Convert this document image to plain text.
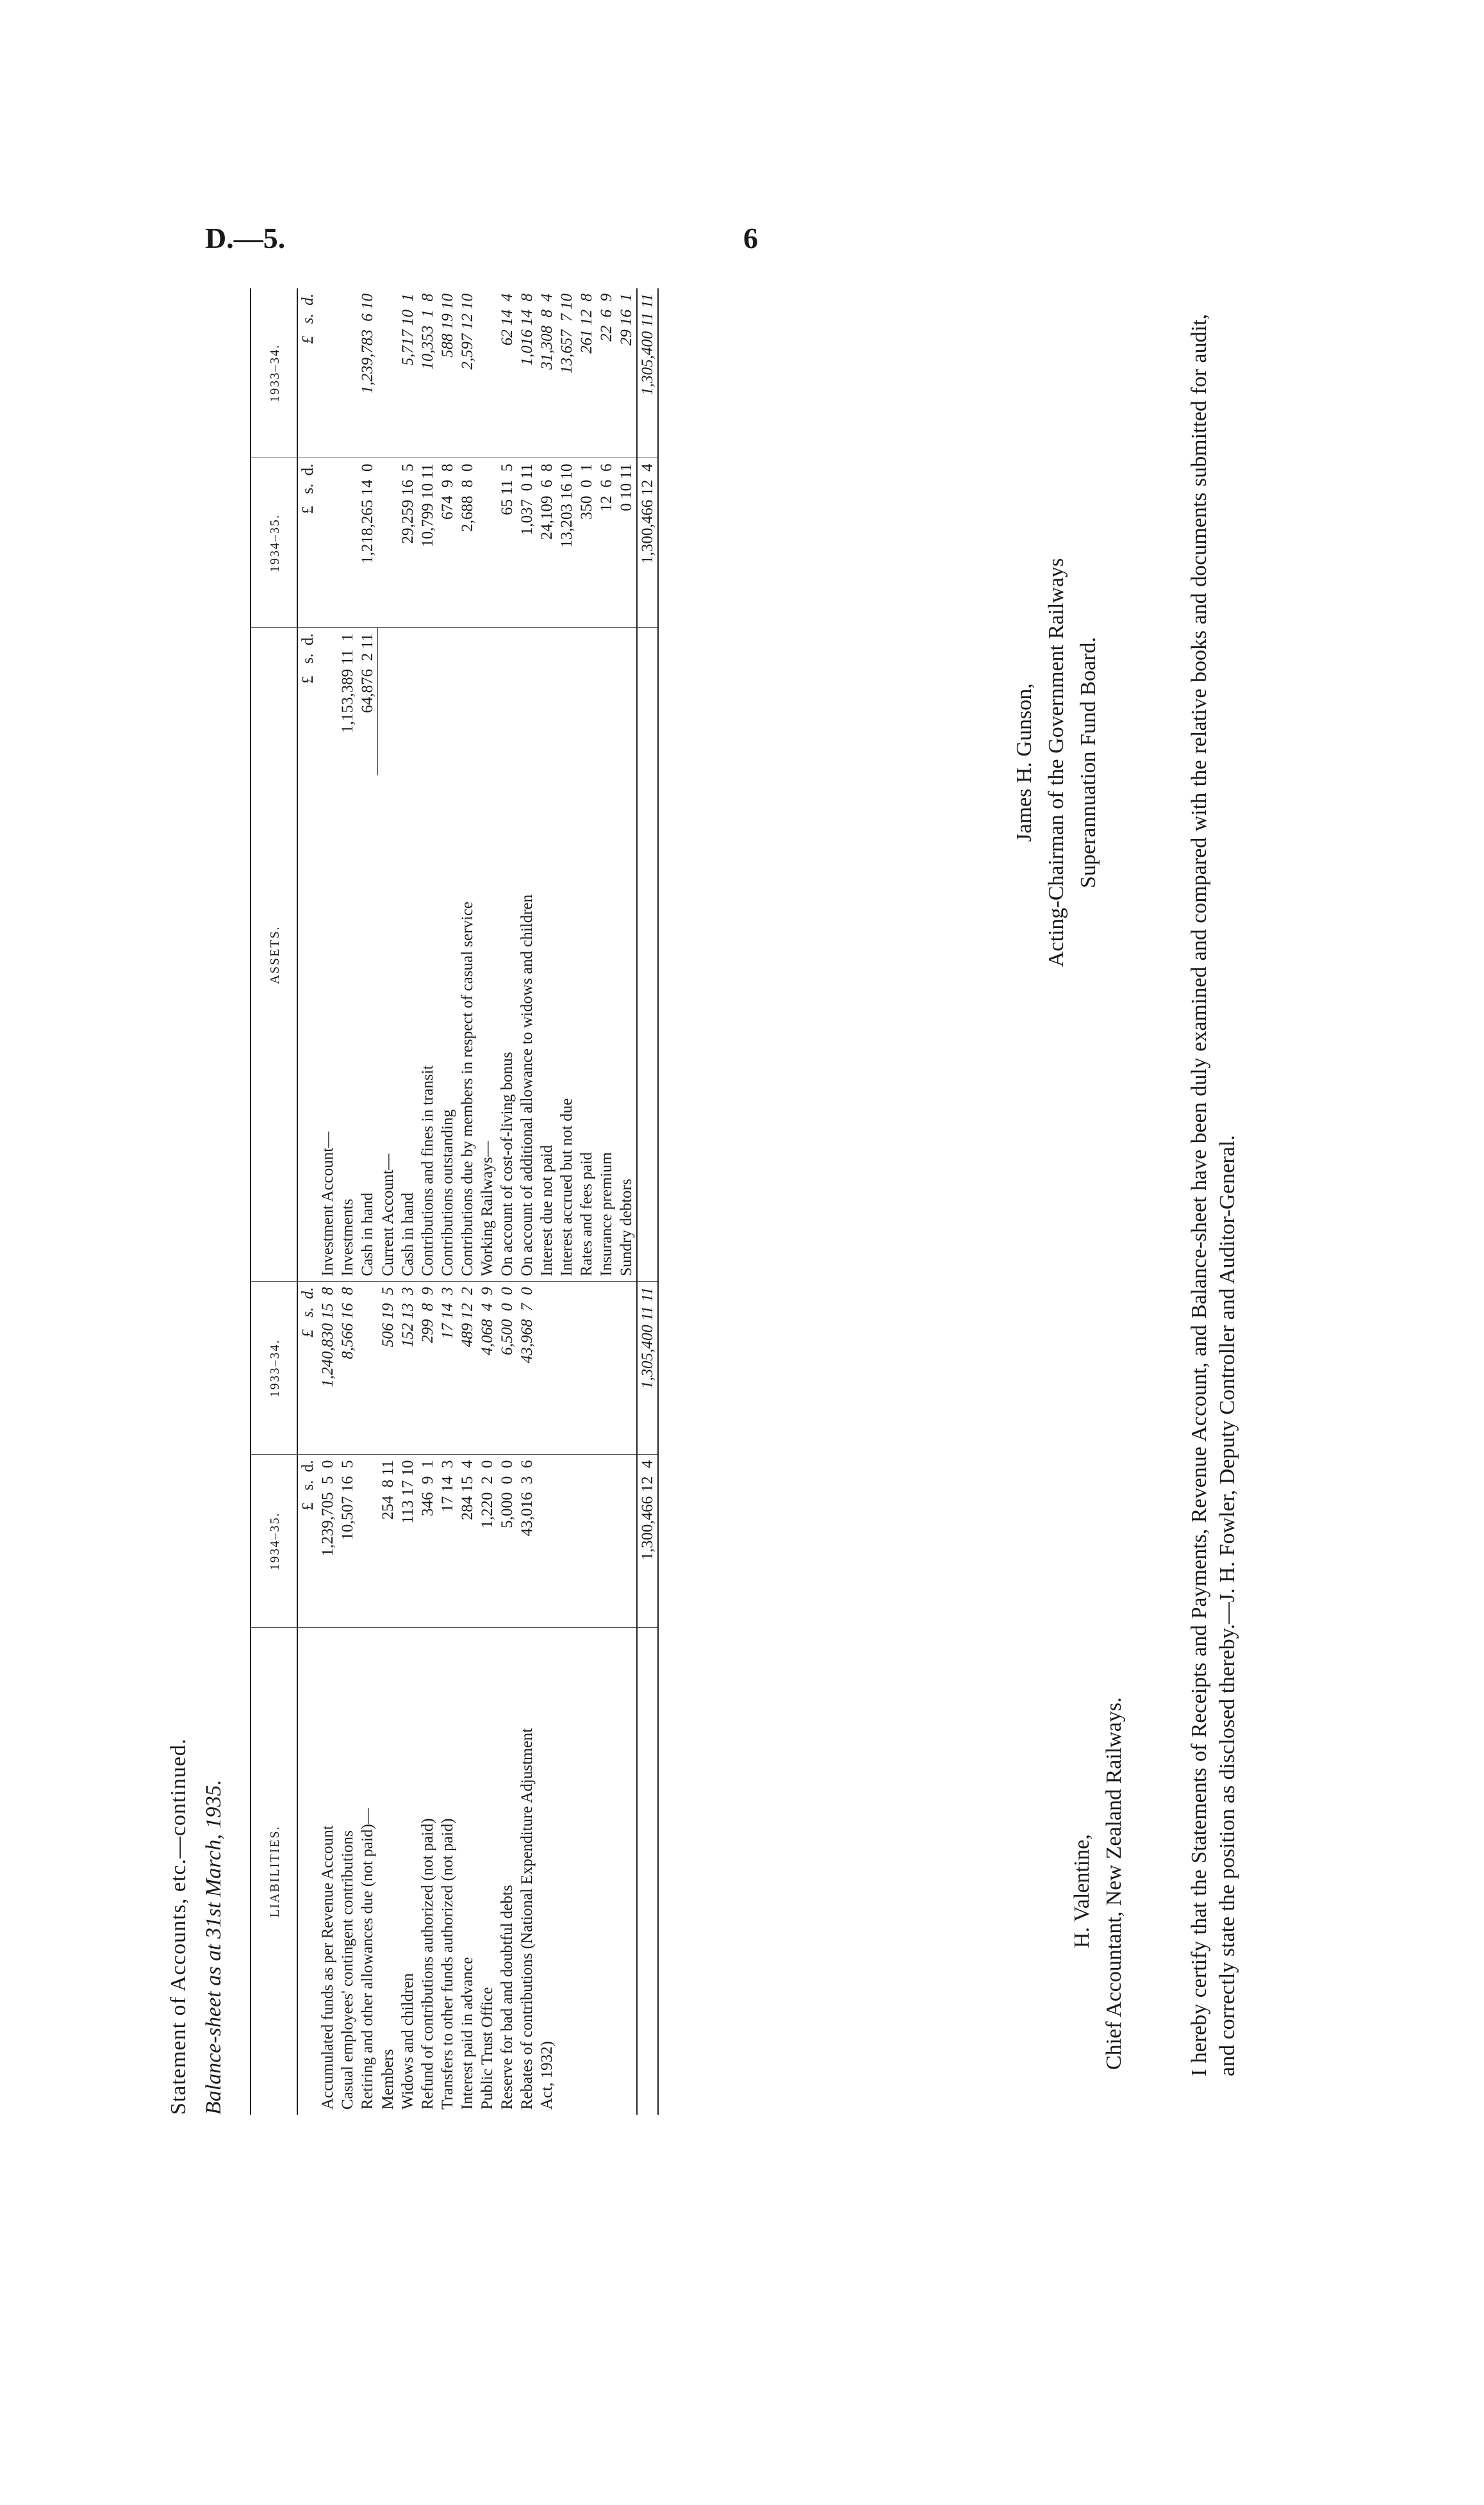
D.—5.	6
Statement of Accounts, etc.—continued. Balance-sheet as at 31st March, 1935.	LIABILITIES.	1934–35.	1933–34.	ASSETS.		1934–35.	1933–34.
	£   s.  d.	£   s.  d.		£   s.  d.	£   s.  d.	£   s.  d.
Accumulated funds as per Revenue Account	1,239,705  5  0	1,240,830 15  8	Investment Account—			
Casual employees' contingent contributions	10,507 16  5	8,566 16  8	Investments	1,153,389 11  1		
Retiring and other allowances due (not paid)—			Cash in hand	64,876  2 11	1,218,265 14  0	1,239,783  6 10
Members	254  8 11	506 19  5	Current Account—			
Widows and children	113 17 10	152 13  3	Cash in hand		29,259 16  5	5,717 10  1
Refund of contributions authorized (not paid)	346  9  1	299  8  9	Contributions and fines in transit		10,799 10 11	10,353  1  8
Transfers to other funds authorized (not paid)	17 14  3	17 14  3	Contributions outstanding		674  9  8	588 19 10
Interest paid in advance	284 15  4	489 12  2	Contributions due by members in respect of casual service		2,688  8  0	2,597 12 10
Public Trust Office	1,220  2  0	4,068  4  9	Working Railways—			
Reserve for bad and doubtful debts	5,000  0  0	6,500  0  0	On account of cost-of-living bonus		65 11  5	62 14  4
Rebates of contributions (National Expenditure Adjustment	43,016  3  6	43,968  7  0	On account of additional allowance to widows and children		1,037  0 11	1,016 14  8
Act, 1932)			Interest due not paid		24,109  6  8	31,308  8  4
			Interest accrued but not due		13,203 16 10	13,657  7 10
			Rates and fees paid		350  0  1	261 12  8
			Insurance premium		12  6  6	22  6  9
			Sundry debtors		0 10 11	29 16  1
	1,300,466 12  4	1,305,400 11 11			1,300,466 12  4	1,305,400 11 11
H. Valentine, Chief Accountant, New Zealand Railways.
James H. Gunson, Acting-Chairman of the Government Railways Superannuation Fund Board.	I hereby certify that the Statements of Receipts and Payments, Revenue Account, and Balance-sheet have been duly examined and compared with the relative books and documents submitted for audit, and correctly state the position as disclosed thereby.—J. H. Fowler, Deputy Controller and Auditor-General.
